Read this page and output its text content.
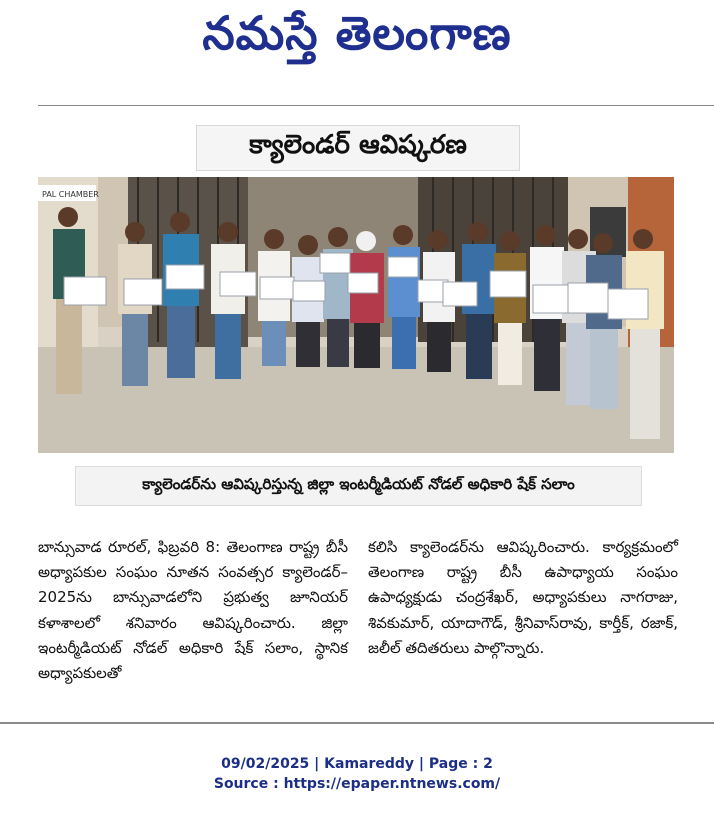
నమస్తే తెలంగాణ
క్యాలెండర్ ఆవిష్కరణ
PAL CHAMBER
క్యాలెండర్‌ను ఆవిష్కరిస్తున్న జిల్లా ఇంటర్మీడియట్ నోడల్ అధికారి షేక్ సలాం

బాన్సువాడ రూరల్, ఫిబ్రవరి 8: తెలంగాణ రాష్ట్ర బీసీ అధ్యాపకుల సంఘం నూతన సంవత్సర క్యాలెండర్– 2025ను బాన్సువాడలోని ప్రభుత్వ జూనియర్ కళాశాలలో శనివారం ఆవిష్కరించారు. జిల్లా ఇంటర్మీడియట్ నోడల్ అధికారి షేక్ సలాం, స్థానిక అధ్యాపకులతో

కలిసి క్యాలెండర్‌ను ఆవిష్కరించారు. కార్యక్రమంలో తెలంగాణ రాష్ట్ర బీసీ ఉపాధ్యాయ సంఘం ఉపాధ్యక్షుడు చంద్రశేఖర్, అధ్యాపకులు నాగరాజు, శివకుమార్, యాదాగౌడ్, శ్రీనివాస్‌రావు, కార్తీక్, రజాక్, జలీల్ తదితరులు పాల్గొన్నారు.

09/02/2025 | Kamareddy | Page : 2
Source : https://epaper.ntnews.com/
